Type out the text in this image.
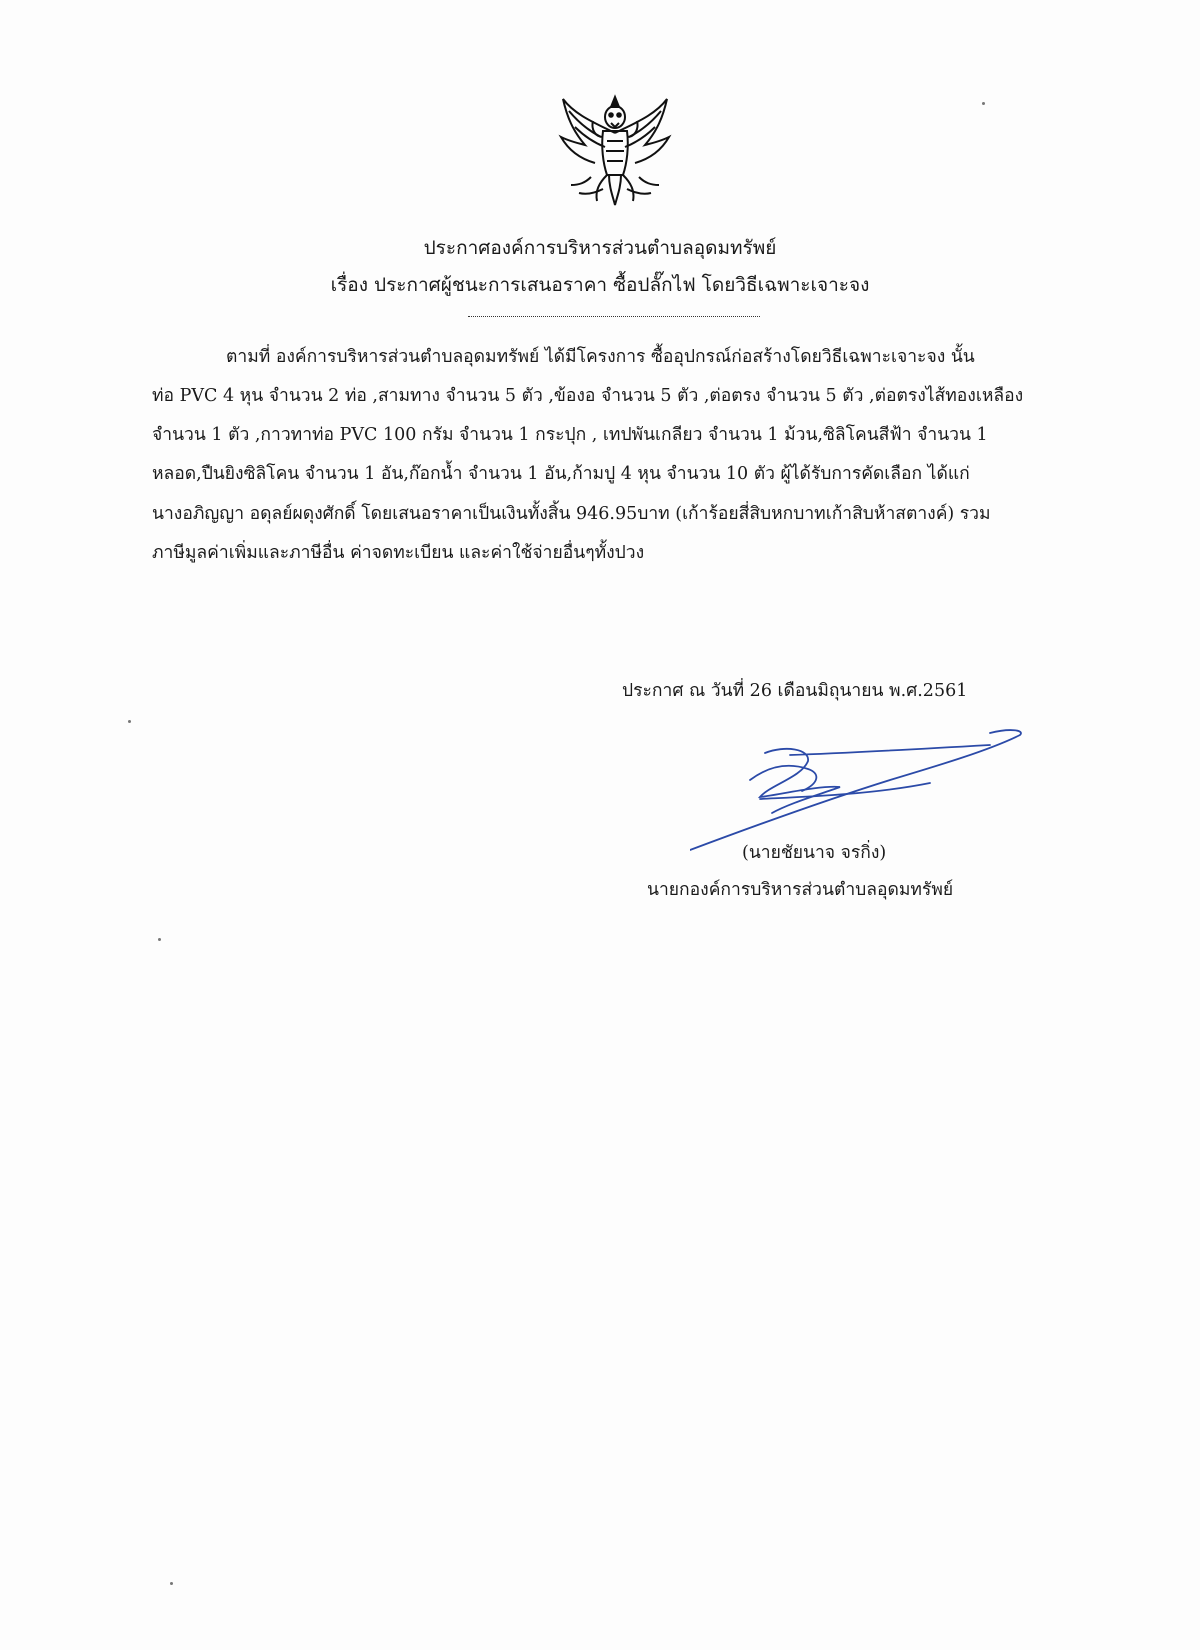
ประกาศองค์การบริหารส่วนตำบลอุดมทรัพย์
เรื่อง ประกาศผู้ชนะการเสนอราคา ซื้อปลั๊กไฟ โดยวิธีเฉพาะเจาะจง
ตามที่ องค์การบริหารส่วนตำบลอุดมทรัพย์ ได้มีโครงการ ซื้ออุปกรณ์ก่อสร้างโดยวิธีเฉพาะเจาะจง นั้น
ท่อ PVC 4 หุน จำนวน 2 ท่อ ,สามทาง จำนวน 5 ตัว ,ข้องอ จำนวน 5 ตัว ,ต่อตรง จำนวน 5 ตัว ,ต่อตรงไส้ทองเหลือง
จำนวน 1 ตัว ,กาวทาท่อ PVC 100 กรัม จำนวน 1 กระปุก , เทปพันเกลียว จำนวน 1 ม้วน,ซิลิโคนสีฟ้า จำนวน 1
หลอด,ปืนยิงซิลิโคน จำนวน 1 อัน,ก๊อกน้ำ จำนวน 1 อัน,ก้ามปู 4 หุน จำนวน 10 ตัว ผู้ได้รับการคัดเลือก ได้แก่
นางอภิญญา อดุลย์ผดุงศักดิ์ โดยเสนอราคาเป็นเงินทั้งสิ้น 946.95บาท (เก้าร้อยสี่สิบหกบาทเก้าสิบห้าสตางค์) รวม
ภาษีมูลค่าเพิ่มและภาษีอื่น ค่าจดทะเบียน และค่าใช้จ่ายอื่นๆทั้งปวง
ประกาศ ณ วันที่ 26 เดือนมิถุนายน พ.ศ.2561
(นายชัยนาจ จรกิ่ง)
นายกองค์การบริหารส่วนตำบลอุดมทรัพย์
